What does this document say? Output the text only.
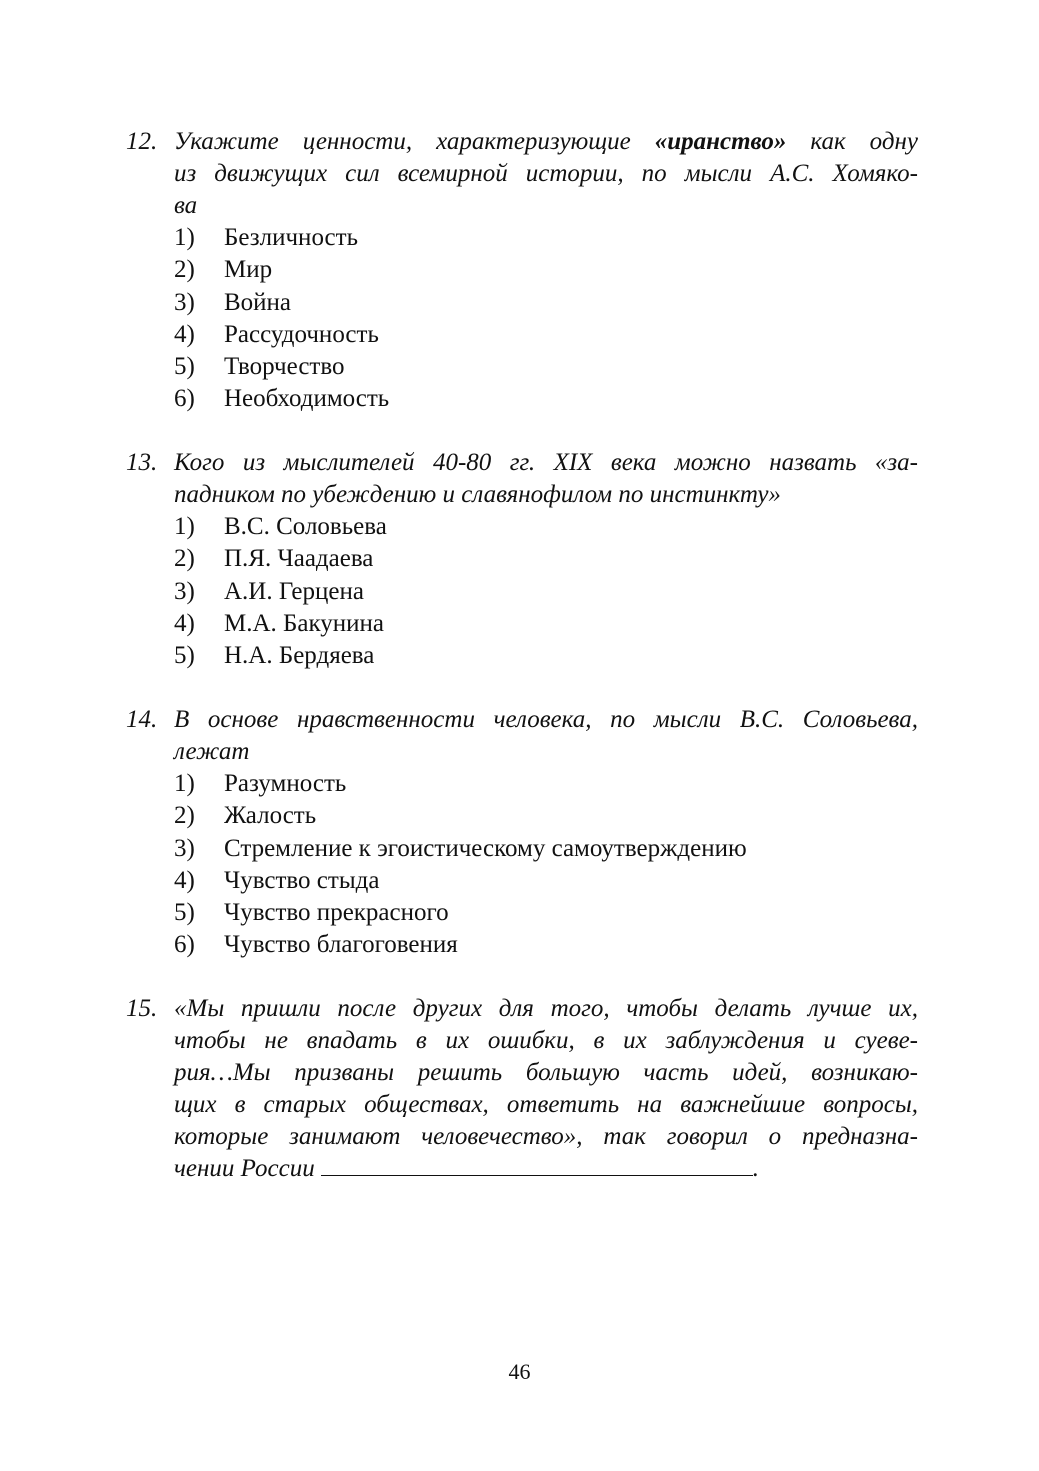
12. Укажите ценности, характеризующие «иранство» как одну
из движущих сил всемирной истории, по мысли А.С. Хомяко-
ва
1) Безличность
2) Мир
3) Война
4) Рассудочность
5) Творчество
6) Необходимость
13. Кого из мыслителей 40-80 гг. XIX века можно назвать «за-
падником по убеждению и славянофилом по инстинкту»
1) В.С. Соловьева
2) П.Я. Чаадаева
3) А.И. Герцена
4) М.А. Бакунина
5) Н.А. Бердяева
14. В основе нравственности человека, по мысли В.С. Соловьева,
лежат
1) Разумность
2) Жалость
3) Стремление к эгоистическому самоутверждению
4) Чувство стыда
5) Чувство прекрасного
6) Чувство благоговения
15. «Мы пришли после других для того, чтобы делать лучше их,
чтобы не впадать в их ошибки, в их заблуждения и суеве-
рия…Мы призваны решить большую часть идей, возникаю-
щих в старых обществах, ответить на важнейшие вопросы,
которые занимают человечество», так говорил о предназна-
чении России	.
46
